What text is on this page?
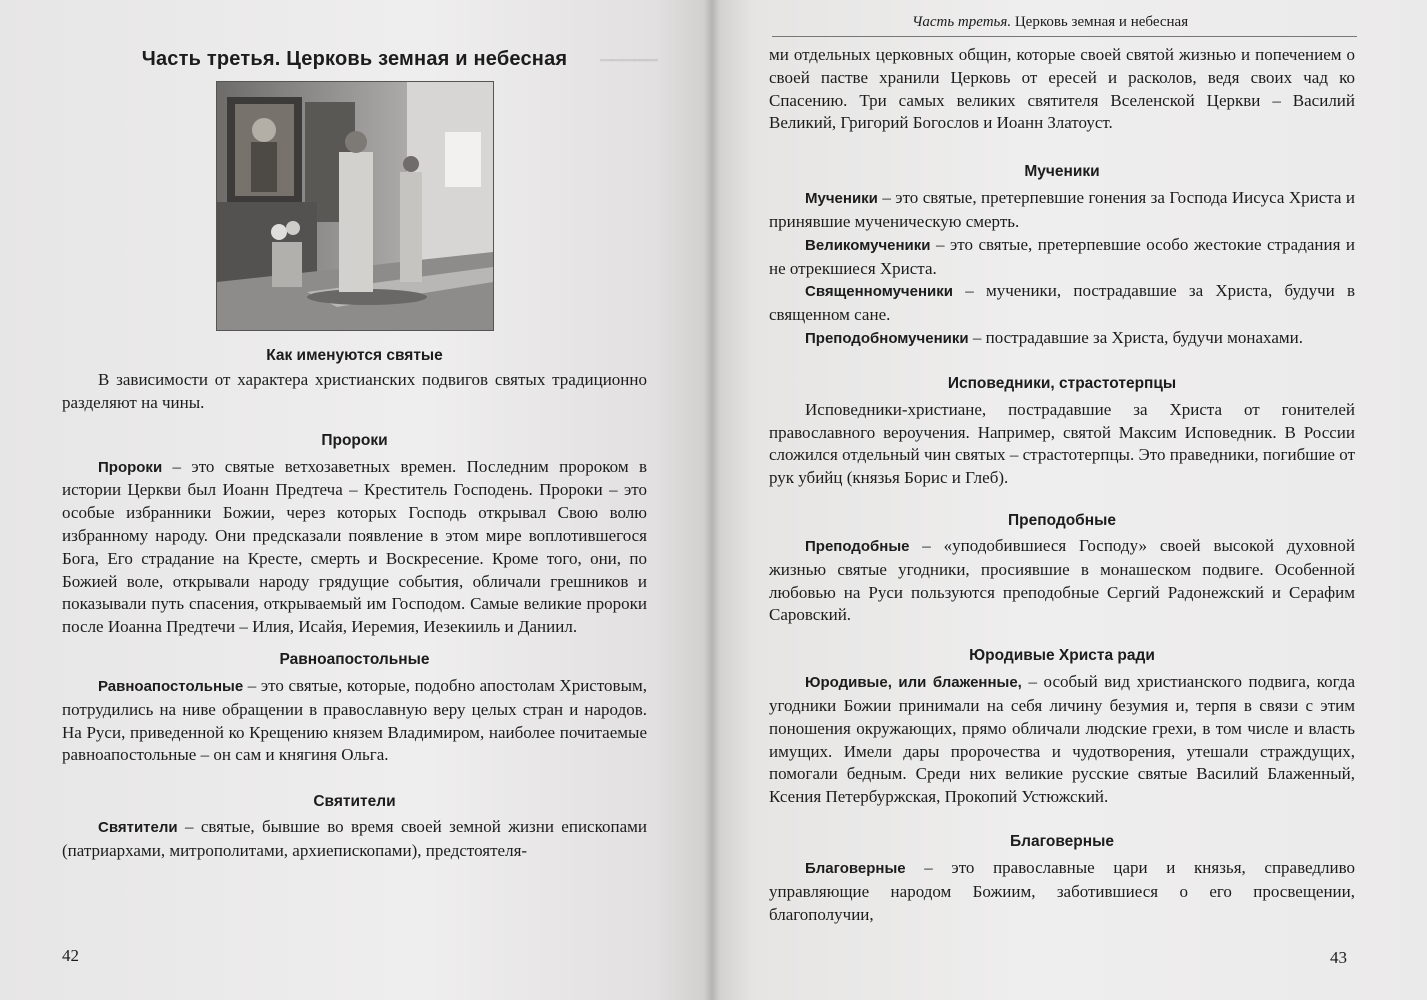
▔▔▔▔▔
Часть третья. Церковь земная и небесная
Как именуются святые

В зависимости от характера христианских подвигов святых традиционно разделяют на чины.

Пророки

Пророки – это святые ветхозаветных времен. Последним пророком в истории Церкви был Иоанн Предтеча – Креститель Господень. Пророки – это особые избранники Божии, через которых Господь открывал Свою волю избранному народу. Они предсказали появление в этом мире воплотившегося Бога, Его страдание на Кресте, смерть и Воскресение. Кроме того, они, по Божией воле, открывали народу грядущие события, обличали грешников и показывали путь спасения, открываемый им Господом. Самые великие пророки после Иоанна Предтечи – Илия, Исайя, Иеремия, Иезекииль и Даниил.

Равноапостольные

Равноапостольные – это святые, которые, подобно апостолам Христовым, потрудились на ниве обращении в православную веру целых стран и народов. На Руси, приведенной ко Крещению князем Владимиром, наиболее почитаемые равноапостольные – он сам и княгиня Ольга.

Святители

Святители – святые, бывшие во время своей земной жизни епископами (патриархами, митрополитами, архиепископами), предстоятеля-

42
Часть третья. Церковь земная и небесная

ми отдельных церковных общин, которые своей святой жизнью и попечением о своей пастве хранили Церковь от ересей и расколов, ведя своих чад ко Спасению. Три самых великих святителя Вселенской Церкви – Василий Великий, Григорий Богослов и Иоанн Златоуст.

Мученики

Мученики – это святые, претерпевшие гонения за Господа Иисуса Христа и принявшие мученическую смерть.

Великомученики – это святые, претерпевшие особо жестокие страдания и не отрекшиеся Христа.

Священномученики – мученики, пострадавшие за Христа, будучи в священном сане.

Преподобномученики – пострадавшие за Христа, будучи монахами.

Исповедники, страстотерпцы

Исповедники-христиане, пострадавшие за Христа от гонителей православного вероучения. Например, святой Максим Исповедник. В России сложился отдельный чин святых – страстотерпцы. Это праведники, погибшие от рук убийц (князья Борис и Глеб).

Преподобные

Преподобные – «уподобившиеся Господу» своей высокой духовной жизнью святые угодники, просиявшие в монашеском подвиге. Особенной любовью на Руси пользуются преподобные Сергий Радонежский и Серафим Саровский.

Юродивые Христа ради

Юродивые, или блаженные, – особый вид христианского подвига, когда угодники Божии принимали на себя личину безумия и, терпя в связи с этим поношения окружающих, прямо обличали людские грехи, в том числе и власть имущих. Имели дары пророчества и чудотворения, утешали страждущих, помогали бедным. Среди них великие русские святые Василий Блаженный, Ксения Петербуржская, Прокопий Устюжский.

Благоверные

Благоверные – это православные цари и князья, справедливо управляющие народом Божиим, заботившиеся о его просвещении, благополучии,

43
